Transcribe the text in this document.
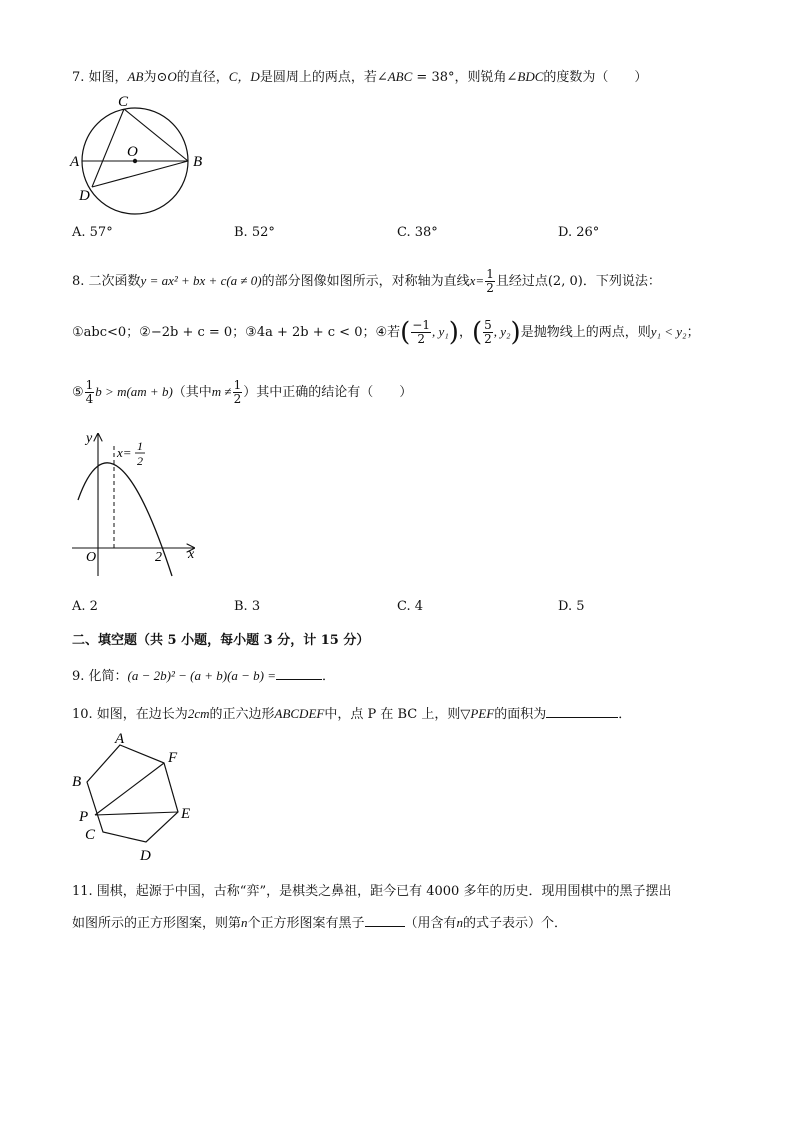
7. 如图，AB为⊙O的直径，C，D是圆周上的两点，若∠ABC = 38°，则锐角∠BDC的度数为（　　）
A	B
C
D
O
A. 57°	B. 52°	C. 38°	D. 26°
8. 二次函数y = ax² + bx + c(a ≠ 0)的部分图像如图所示，对称轴为直线$x= \frac{1}{2}$ 且经过点(2, 0)．下列说法：
①abc<0；②−2b + c = 0；③4a + 2b + c < 0；④若( $\frac{-1}{2}$ , y₁)，( $\frac{5}{2}$ , y₂)是抛物线上的两点，则y₁ < y₂；
⑤ $\frac{1}{4}$ b > m(am + b)（其中$m \ne \frac{1}{2}$ ）其中正确的结论有（　　）
y
x
O	2
x= 1
2
A. 2	B. 3	C. 4	D. 5
二、填空题（共 5 小题，每小题 3 分，计 15 分）
9. 化简：(a − 2b)² − (a + b)(a − b) =	．
10. 如图，在边长为2cm的正六边形ABCDEF中，点 P 在 BC 上，则▽PEF的面积为	．
A
F
B
E
P
C
D
11. 围棋，起源于中国，古称“弈”，是棋类之鼻祖，距今已有 4000 多年的历史．现用围棋中的黑子摆出
如图所示的正方形图案，则第n个正方形图案有黑子	（用含有n的式子表示）个．
